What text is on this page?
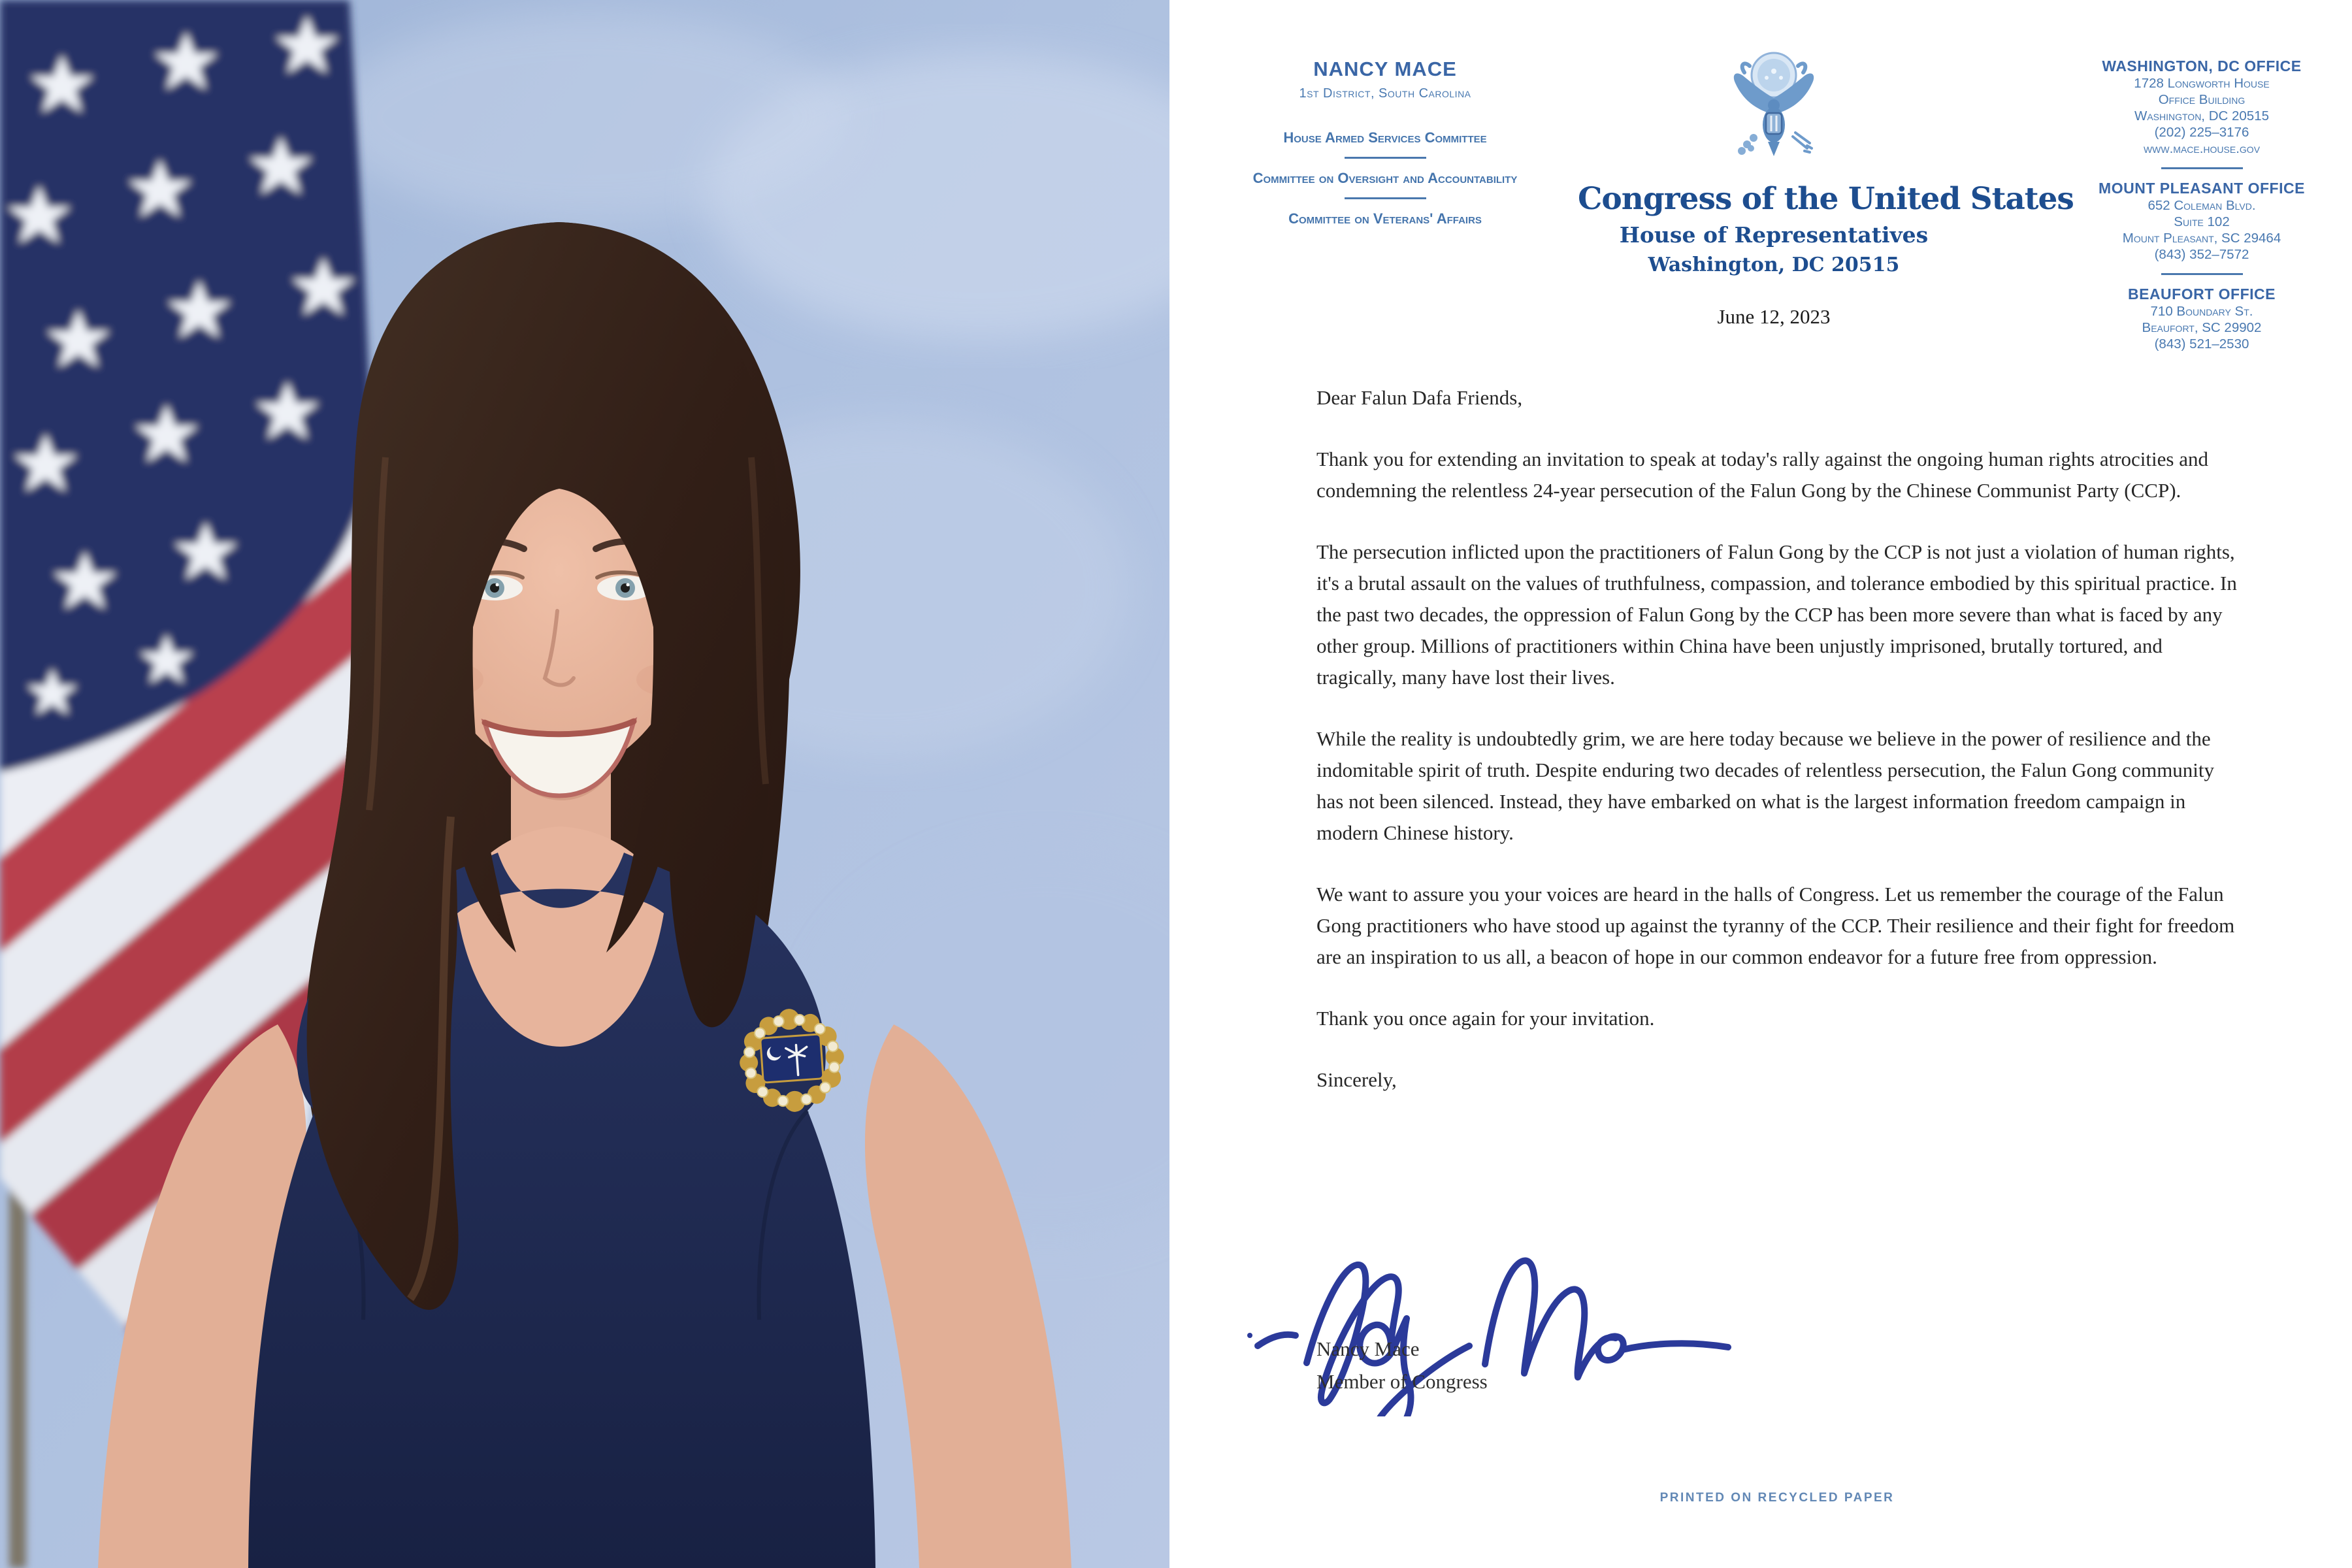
NANCY MACE
1st District, South Carolina
House Armed Services Committee
Committee on Oversight and Accountability
Committee on Veterans' Affairs
Congress of the United States
House of Representatives
Washington, DC 20515
June 12, 2023
WASHINGTON, DC OFFICE
1728 Longworth House
Office Building
Washington, DC 20515
(202) 225–3176
www.mace.house.gov
MOUNT PLEASANT OFFICE
652 Coleman Blvd.
Suite 102
Mount Pleasant, SC 29464
(843) 352–7572
BEAUFORT OFFICE
710 Boundary St.
Beaufort, SC 29902
(843) 521–2530

Dear Falun Dafa Friends,

Thank you for extending an invitation to speak at today's rally against the ongoing human rights atrocities and condemning the relentless 24-year persecution of the Falun Gong by the Chinese Communist Party (CCP).

The persecution inflicted upon the practitioners of Falun Gong by the CCP is not just a violation of human rights, it's a brutal assault on the values of truthfulness, compassion, and tolerance embodied by this spiritual practice. In the past two decades, the oppression of Falun Gong by the CCP has been more severe than what is faced by any other group. Millions of practitioners within China have been unjustly imprisoned, brutally tortured, and tragically, many have lost their lives.

While the reality is undoubtedly grim, we are here today because we believe in the power of resilience and the indomitable spirit of truth. Despite enduring two decades of relentless persecution, the Falun Gong community has not been silenced. Instead, they have embarked on what is the largest information freedom campaign in modern Chinese history.

We want to assure you your voices are heard in the halls of Congress. Let us remember the courage of the Falun Gong practitioners who have stood up against the tyranny of the CCP. Their resilience and their fight for freedom are an inspiration to us all, a beacon of hope in our common endeavor for a future free from oppression.

Thank you once again for your invitation.

Sincerely,

Nancy Mace
Member of Congress
PRINTED ON RECYCLED PAPER
